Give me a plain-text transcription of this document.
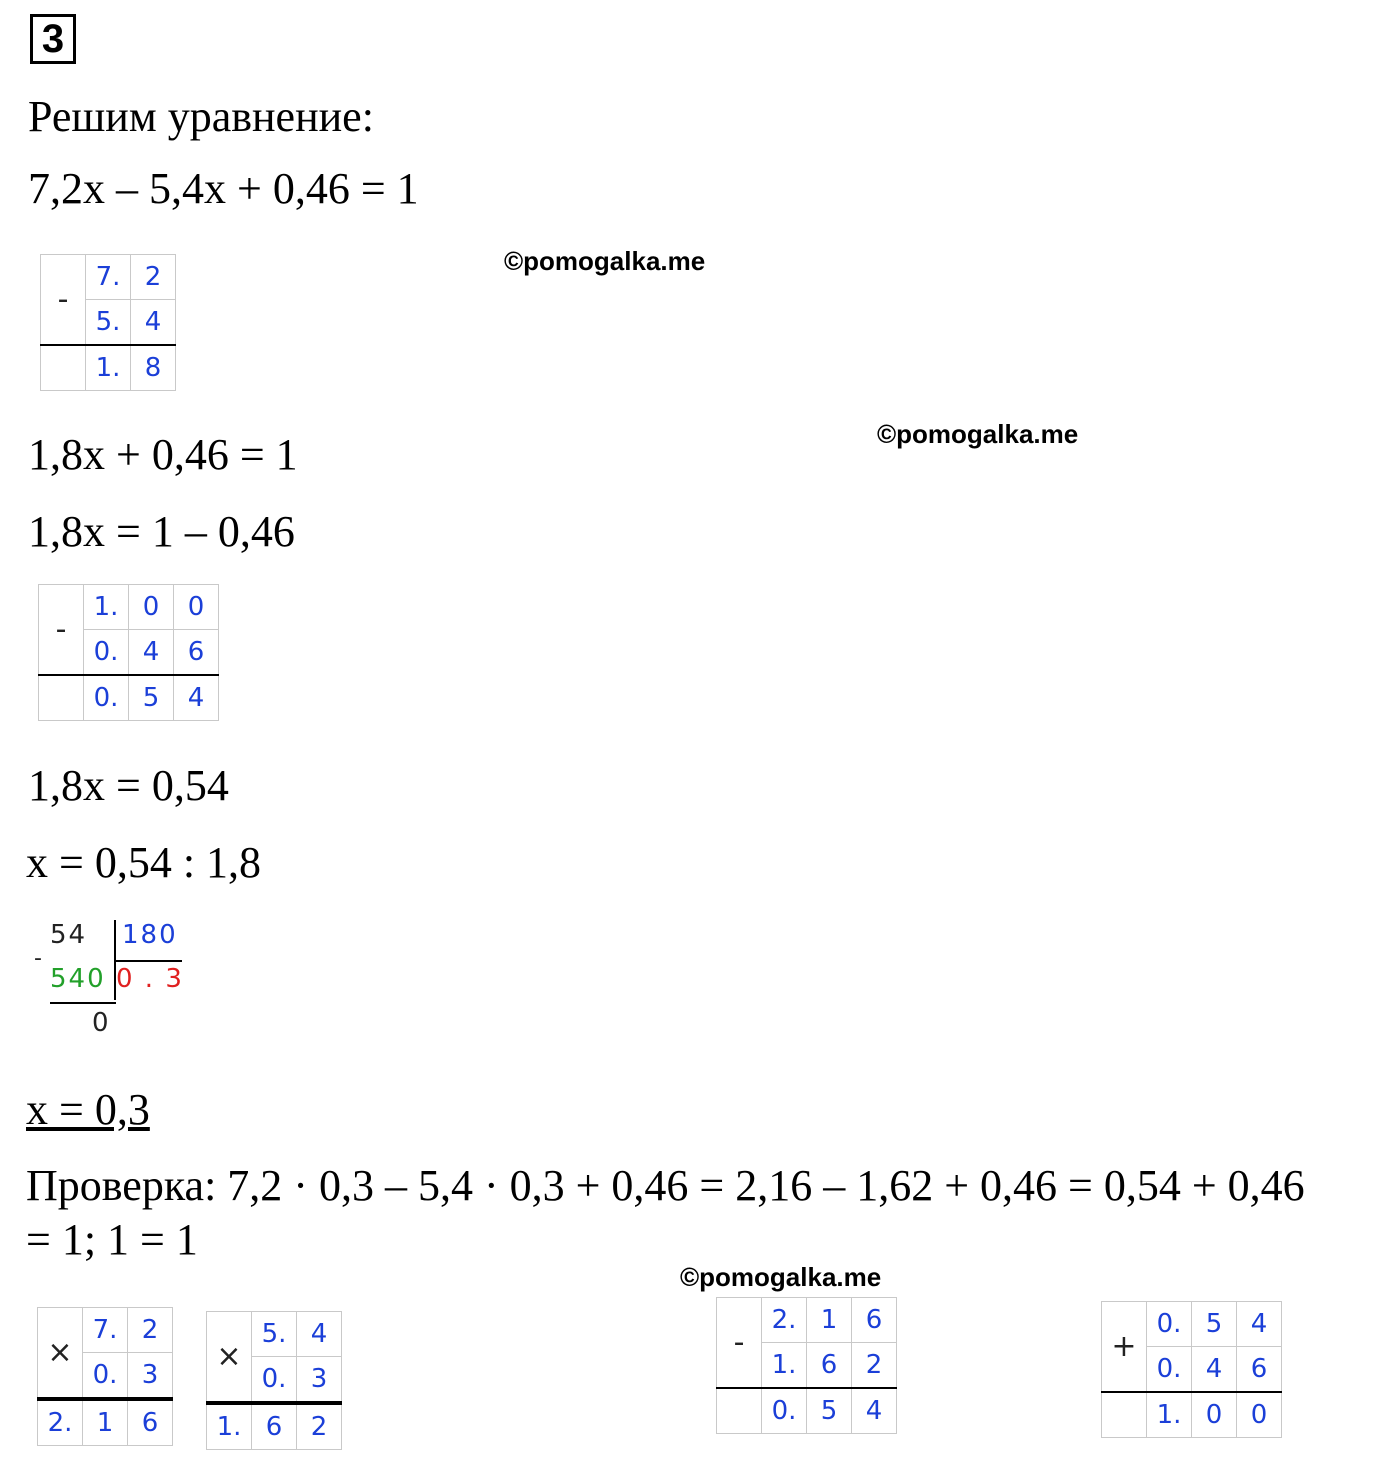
3
Решим уравнение:
7,2x – 5,4x + 0,46 = 1
©pomogalka.me
©pomogalka.me
©pomogalka.me
-	7.	2
	5.	4
	1.	8
1,8x + 0,46 = 1
1,8x = 1 – 0,46
-	1.	0	0
	0.	4	6
	0.	5	4
1,8x = 0,54
x = 0,54 : 1,8
54 180
-
540 0 . 3
0
x = 0,3
Проверка: 7,2 · 0,3 – 5,4 · 0,3 + 0,46 = 2,16 – 1,62 + 0,46 = 0,54 + 0,46
= 1; 1 = 1
×	7.	2
	0.	3
2.	1	6
×	5.	4
	0.	3
1.	6	2
-	2.	1	6
	1.	6	2
	0.	5	4
+	0.	5	4
	0.	4	6
	1.	0	0
